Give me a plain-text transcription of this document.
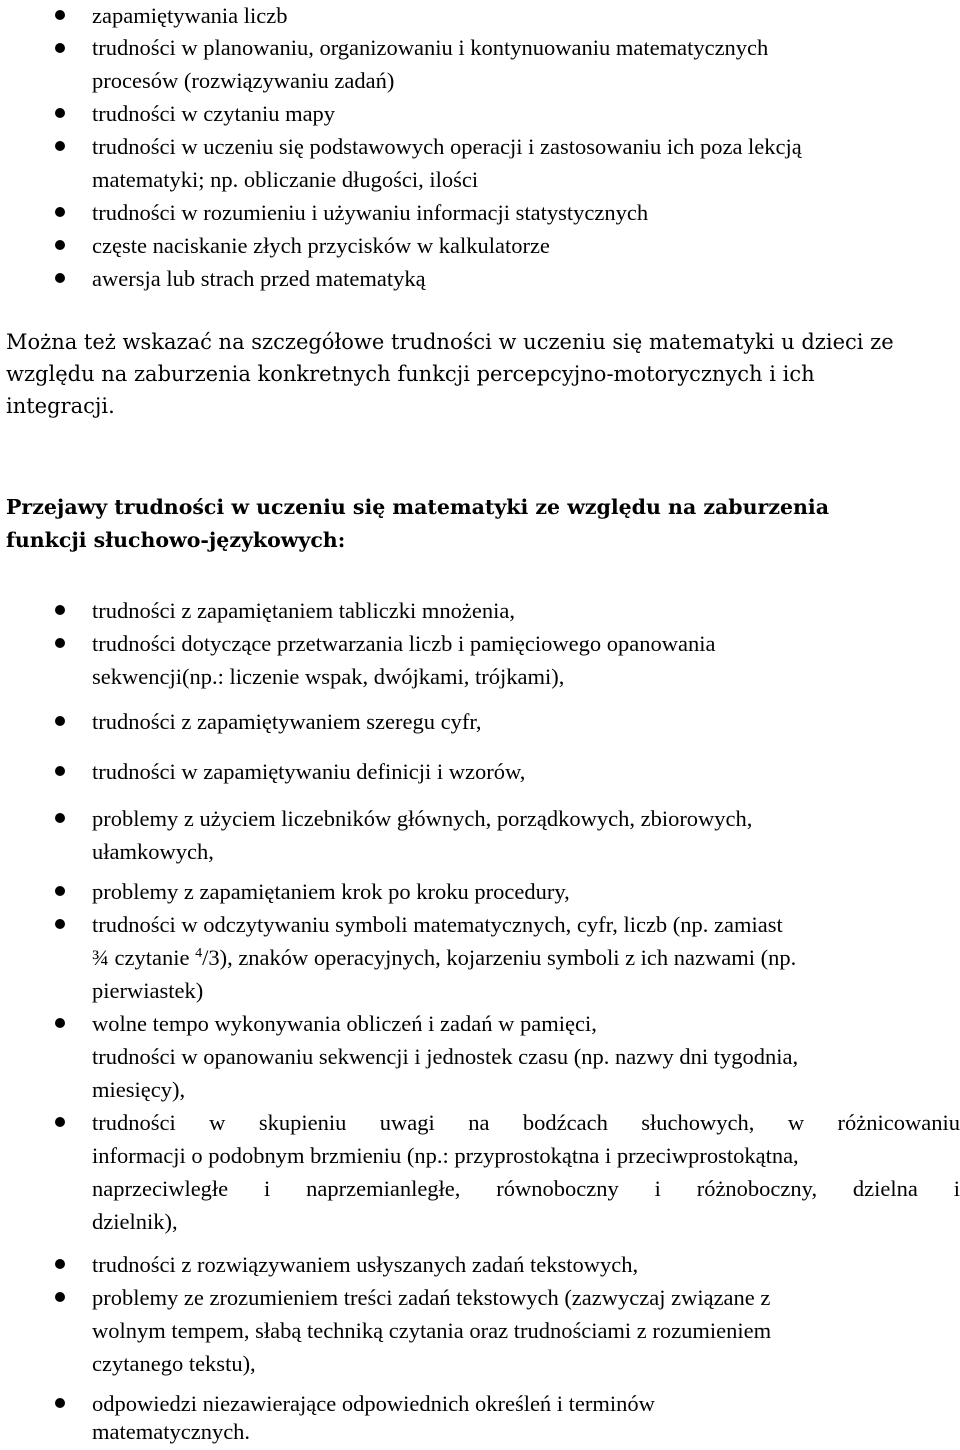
zapamiętywania liczb
trudności w planowaniu, organizowaniu i kontynuowaniu matematycznych
procesów (rozwiązywaniu zadań)
trudności w czytaniu mapy
trudności w uczeniu się podstawowych operacji i zastosowaniu ich poza lekcją
matematyki; np. obliczanie długości, ilości
trudności w rozumieniu i używaniu informacji statystycznych
częste naciskanie złych przycisków w kalkulatorze
awersja lub strach przed matematyką
Można też wskazać na szczegółowe trudności w uczeniu się matematyki u dzieci ze
względu na zaburzenia konkretnych funkcji percepcyjno-motorycznych i ich
integracji.
Przejawy trudności w uczeniu się matematyki ze względu na zaburzenia
funkcji słuchowo-językowych:
trudności z zapamiętaniem tabliczki mnożenia,
trudności dotyczące przetwarzania liczb i pamięciowego opanowania
sekwencji(np.: liczenie wspak, dwójkami, trójkami),
trudności z zapamiętywaniem szeregu cyfr,
trudności w zapamiętywaniu definicji i wzorów,
problemy z użyciem liczebników głównych, porządkowych, zbiorowych,
ułamkowych,
problemy z zapamiętaniem krok po kroku procedury,
trudności w odczytywaniu symboli matematycznych, cyfr, liczb (np. zamiast
¾ czytanie $^4$/3), znaków operacyjnych, kojarzeniu symboli z ich nazwami (np.
pierwiastek)
wolne tempo wykonywania obliczeń i zadań w pamięci,
trudności w opanowaniu sekwencji i jednostek czasu (np. nazwy dni tygodnia,
miesięcy),
trudności w skupieniu uwagi na bodźcach słuchowych, w różnicowaniu
informacji o podobnym brzmieniu (np.: przyprostokątna i przeciwprostokątna,
naprzeciwległe i naprzemianległe, równoboczny i różnoboczny, dzielna i
dzielnik),
trudności z rozwiązywaniem usłyszanych zadań tekstowych,
problemy ze zrozumieniem treści zadań tekstowych (zazwyczaj związane z
wolnym tempem, słabą techniką czytania oraz trudnościami z rozumieniem
czytanego tekstu),
odpowiedzi niezawierające odpowiednich określeń i terminów
matematycznych.
